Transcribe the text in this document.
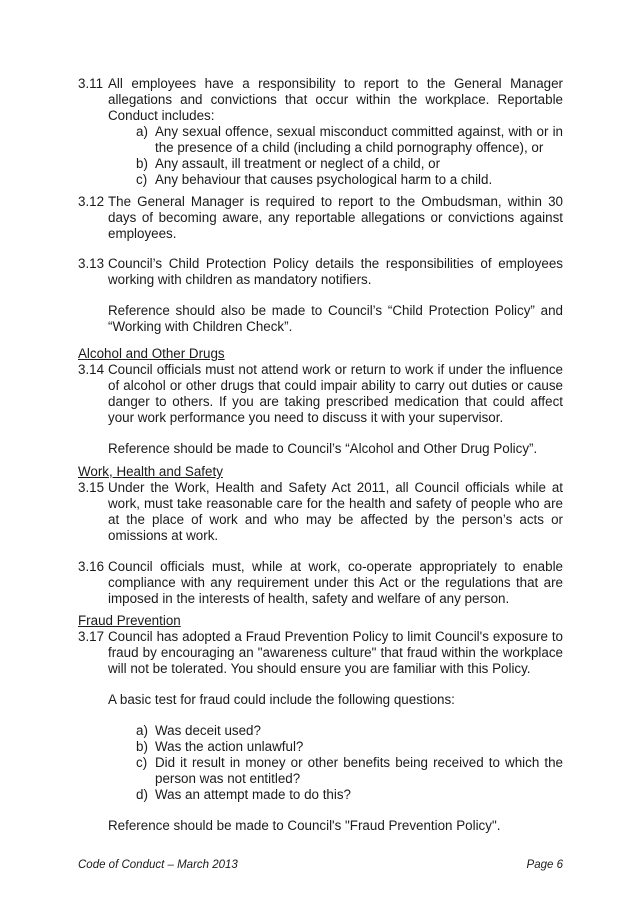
3.11 All employees have a responsibility to report to the General Manager allegations and convictions that occur within the workplace. Reportable Conduct includes:
a) Any sexual offence, sexual misconduct committed against, with or in the presence of a child (including a child pornography offence), or
b) Any assault, ill treatment or neglect of a child, or
c) Any behaviour that causes psychological harm to a child.
3.12 The General Manager is required to report to the Ombudsman, within 30 days of becoming aware, any reportable allegations or convictions against employees.
3.13 Council’s Child Protection Policy details the responsibilities of employees working with children as mandatory notifiers.
Reference should also be made to Council’s “Child Protection Policy” and “Working with Children Check”.
Alcohol and Other Drugs
3.14 Council officials must not attend work or return to work if under the influence of alcohol or other drugs that could impair ability to carry out duties or cause danger to others. If you are taking prescribed medication that could affect your work performance you need to discuss it with your supervisor.
Reference should be made to Council’s “Alcohol and Other Drug Policy”.
Work, Health and Safety
3.15 Under the Work, Health and Safety Act 2011, all Council officials while at work, must take reasonable care for the health and safety of people who are at the place of work and who may be affected by the person’s acts or omissions at work.
3.16 Council officials must, while at work, co-operate appropriately to enable compliance with any requirement under this Act or the regulations that are imposed in the interests of health, safety and welfare of any person.
Fraud Prevention
3.17 Council has adopted a Fraud Prevention Policy to limit Council's exposure to fraud by encouraging an "awareness culture" that fraud within the workplace will not be tolerated. You should ensure you are familiar with this Policy.
A basic test for fraud could include the following questions:
a) Was deceit used?
b) Was the action unlawful?
c) Did it result in money or other benefits being received to which the person was not entitled?
d) Was an attempt made to do this?
Reference should be made to Council's "Fraud Prevention Policy".
Code of Conduct – March 2013	Page 6
